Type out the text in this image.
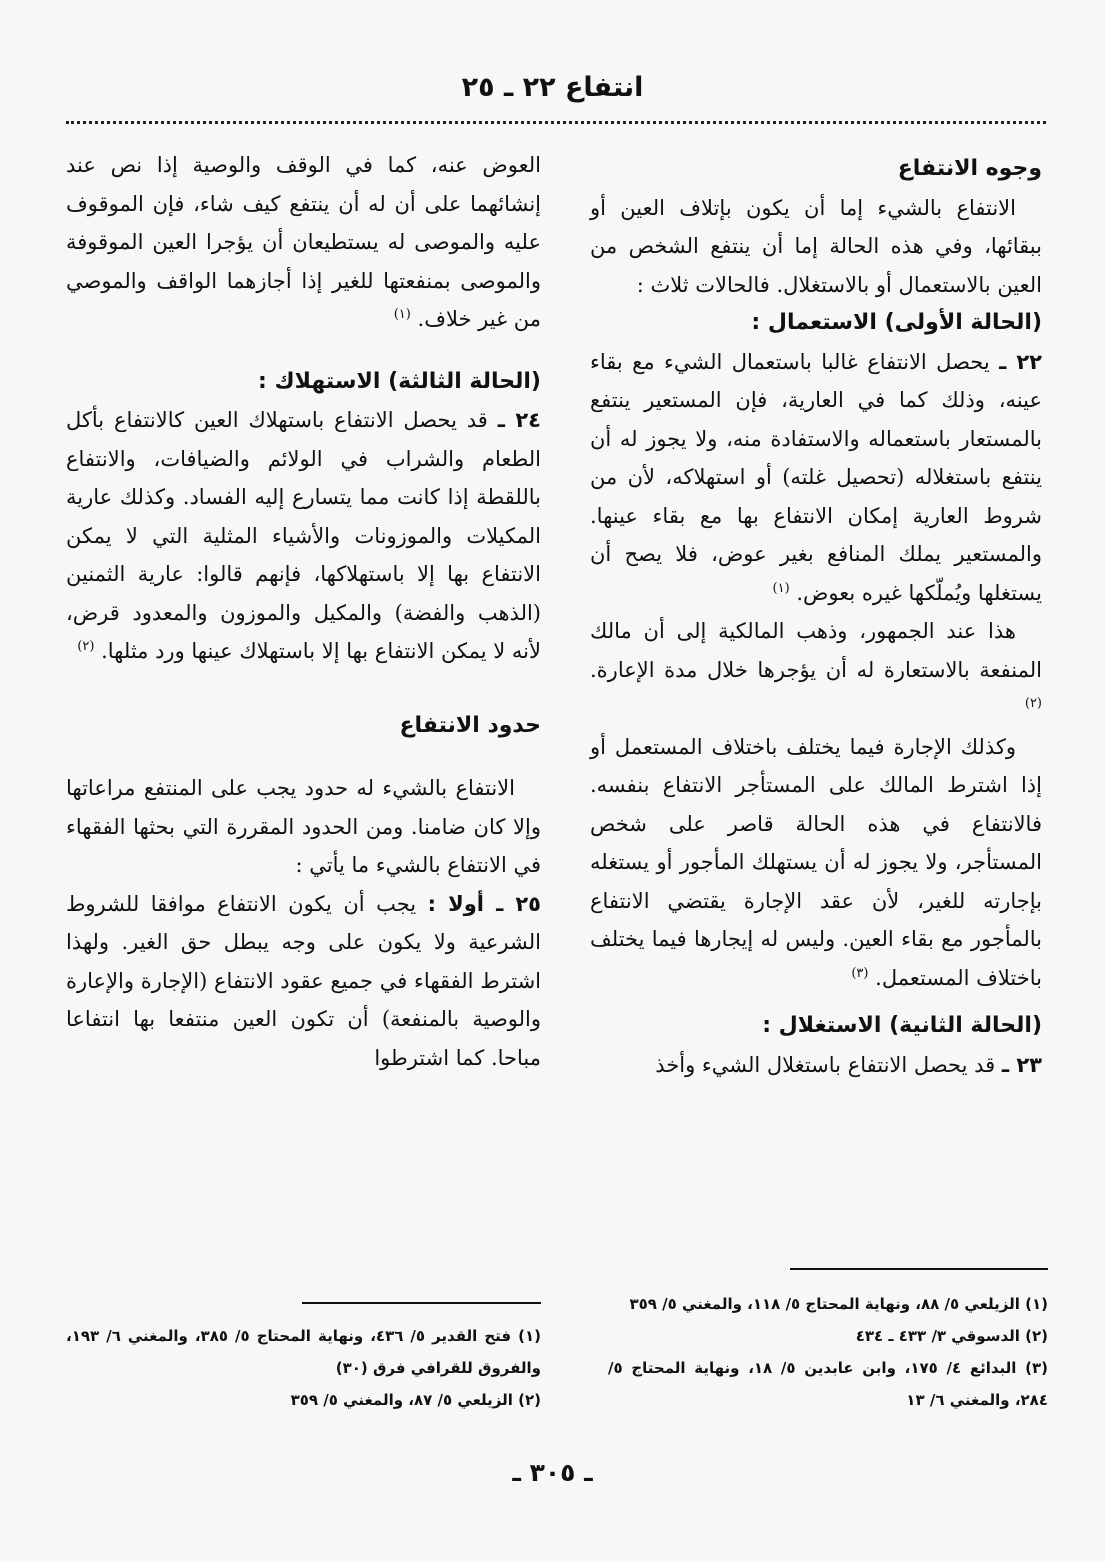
انتفاع ٢٢ ـ ٢٥

وجوه الانتفاع

الانتفاع بالشيء إما أن يكون بإتلاف العين أو ببقائها، وفي هذه الحالة إما أن ينتفع الشخص من العين بالاستعمال أو بالاستغلال. فالحالات ثلاث :

(الحالة الأولى) الاستعمال :

٢٢ ـ يحصل الانتفاع غالبا باستعمال الشيء مع بقاء عينه، وذلك كما في العارية، فإن المستعير ينتفع بالمستعار باستعماله والاستفادة منه، ولا يجوز له أن ينتفع باستغلاله (تحصيل غلته) أو استهلاكه، لأن من شروط العارية إمكان الانتفاع بها مع بقاء عينها. والمستعير يملك المنافع بغير عوض، فلا يصح أن يستغلها ويُملّكها غيره بعوض. $^{(١)}$

هذا عند الجمهور، وذهب المالكية إلى أن مالك المنفعة بالاستعارة له أن يؤجرها خلال مدة الإعارة. $^{(٢)}$

وكذلك الإجارة فيما يختلف باختلاف المستعمل أو إذا اشترط المالك على المستأجر الانتفاع بنفسه. فالانتفاع في هذه الحالة قاصر على شخص المستأجر، ولا يجوز له أن يستهلك المأجور أو يستغله بإجارته للغير، لأن عقد الإجارة يقتضي الانتفاع بالمأجور مع بقاء العين. وليس له إيجارها فيما يختلف باختلاف المستعمل. $^{(٣)}$

(الحالة الثانية) الاستغلال :

٢٣ ـ قد يحصل الانتفاع باستغلال الشيء وأخذ

العوض عنه، كما في الوقف والوصية إذا نص عند إنشائهما على أن له أن ينتفع كيف شاء، فإن الموقوف عليه والموصى له يستطيعان أن يؤجرا العين الموقوفة والموصى بمنفعتها للغير إذا أجازهما الواقف والموصي من غير خلاف. $^{(١)}$

(الحالة الثالثة) الاستهلاك :

٢٤ ـ قد يحصل الانتفاع باستهلاك العين كالانتفاع بأكل الطعام والشراب في الولائم والضيافات، والانتفاع باللقطة إذا كانت مما يتسارع إليه الفساد. وكذلك عارية المكيلات والموزونات والأشياء المثلية التي لا يمكن الانتفاع بها إلا باستهلاكها، فإنهم قالوا: عارية الثمنين (الذهب والفضة) والمكيل والموزون والمعدود قرض، لأنه لا يمكن الانتفاع بها إلا باستهلاك عينها ورد مثلها. $^{(٢)}$

حدود الانتفاع

الانتفاع بالشيء له حدود يجب على المنتفع مراعاتها وإلا كان ضامنا. ومن الحدود المقررة التي بحثها الفقهاء في الانتفاع بالشيء ما يأتي :

٢٥ ـ أولا : يجب أن يكون الانتفاع موافقا للشروط الشرعية ولا يكون على وجه يبطل حق الغير. ولهذا اشترط الفقهاء في جميع عقود الانتفاع (الإجارة والإعارة والوصية بالمنفعة) أن تكون العين منتفعا بها انتفاعا مباحا. كما اشترطوا

(١) الزيلعي ٥/ ٨٨، ونهاية المحتاج ٥/ ١١٨، والمغني ٥/ ٣٥٩

(٢) الدسوقي ٣/ ٤٣٣ ـ ٤٣٤

(٣) البدائع ٤/ ١٧٥، وابن عابدين ٥/ ١٨، ونهاية المحتاج ٥/ ٢٨٤، والمغني ٦/ ١٣

(١) فتح القدير ٥/ ٤٣٦، ونهاية المحتاج ٥/ ٣٨٥، والمغني ٦/ ١٩٣، والفروق للقرافي فرق (٣٠)

(٢) الزيلعي ٥/ ٨٧، والمغني ٥/ ٣٥٩

ـ ٣٠٥ ـ
